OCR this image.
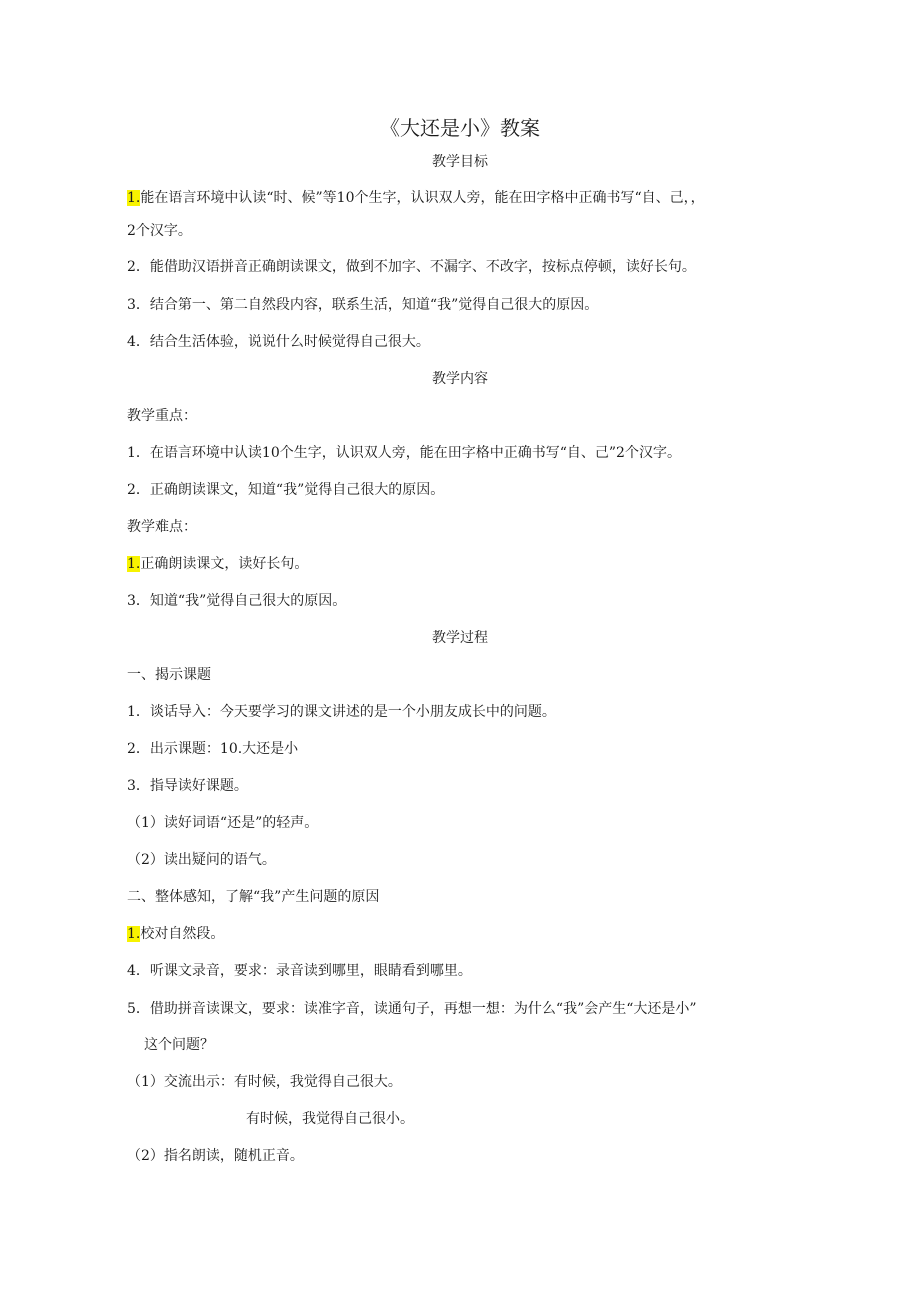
《大还是小》教案
教学目标
1.能在语言环境中认读“时、候”等10个生字，认识双人旁，能在田字格中正确书写“自、己，，
2个汉字。
2．能借助汉语拼音正确朗读课文，做到不加字、不漏字、不改字，按标点停顿，读好长句。
3．结合第一、第二自然段内容，联系生活，知道“我”觉得自己很大的原因。
4．结合生活体验，说说什么时候觉得自己很大。
教学内容
教学重点：
1．在语言环境中认读10个生字，认识双人旁，能在田字格中正确书写“自、己”2个汉字。
2．正确朗读课文，知道“我”觉得自己很大的原因。
教学难点：
1.正确朗读课文，读好长句。
3．知道“我”觉得自己很大的原因。
教学过程
一、揭示课题
1．谈话导入：今天要学习的课文讲述的是一个小朋友成长中的问题。
2．出示课题：10.大还是小
3．指导读好课题。
（1）读好词语“还是”的轻声。
（2）读出疑问的语气。
二、整体感知，了解“我”产生问题的原因
1.校对自然段。
4．听课文录音，要求：录音读到哪里，眼睛看到哪里。
5．借助拼音读课文，要求：读准字音，读通句子，再想一想：为什么“我”会产生“大还是小”
这个问题？
（1）交流出示：有时候，我觉得自己很大。
有时候，我觉得自己很小。
（2）指名朗读，随机正音。
